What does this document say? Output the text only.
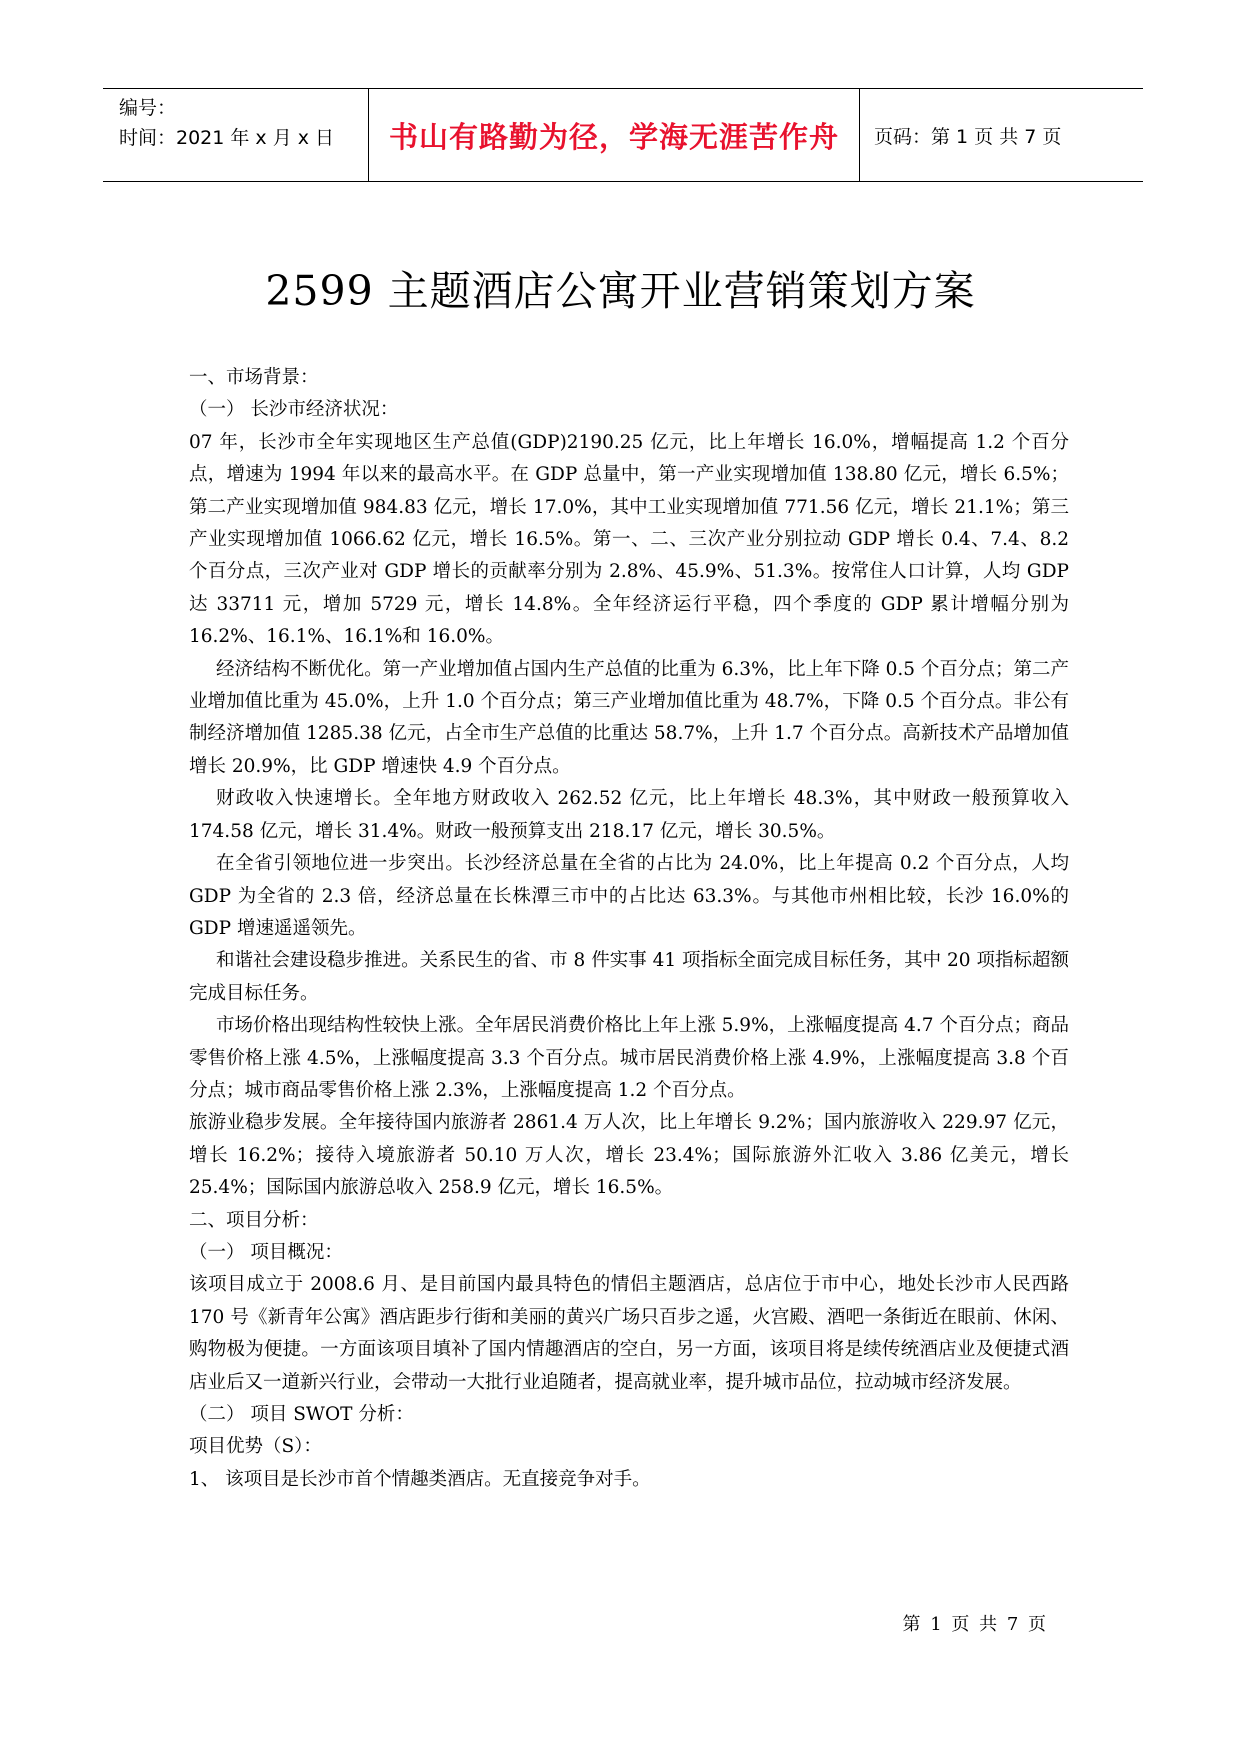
编号：
时间：2021 年 x 月 x 日	书山有路勤为径，学海无涯苦作舟 页码：第 1 页 共 7 页
2599 主题酒店公寓开业营销策划方案

一、市场背景：

（一） 长沙市经济状况：

07 年，长沙市全年实现地区生产总值(GDP)2190.25 亿元，比上年增长 16.0%，增幅提高 1.2 个百分点，增速为 1994 年以来的最高水平。在 GDP 总量中，第一产业实现增加值 138.80 亿元，增长 6.5%；第二产业实现增加值 984.83 亿元，增长 17.0%，其中工业实现增加值 771.56 亿元，增长 21.1%；第三产业实现增加值 1066.62 亿元，增长 16.5%。第一、二、三次产业分别拉动 GDP 增长 0.4、7.4、8.2 个百分点，三次产业对 GDP 增长的贡献率分别为 2.8%、45.9%、51.3%。按常住人口计算，人均 GDP 达 33711 元，增加 5729 元，增长 14.8%。全年经济运行平稳，四个季度的 GDP 累计增幅分别为 16.2%、16.1%、16.1%和 16.0%。

经济结构不断优化。第一产业增加值占国内生产总值的比重为 6.3%，比上年下降 0.5 个百分点；第二产业增加值比重为 45.0%，上升 1.0 个百分点；第三产业增加值比重为 48.7%，下降 0.5 个百分点。非公有制经济增加值 1285.38 亿元，占全市生产总值的比重达 58.7%，上升 1.7 个百分点。高新技术产品增加值增长 20.9%，比 GDP 增速快 4.9 个百分点。

财政收入快速增长。全年地方财政收入 262.52 亿元，比上年增长 48.3%，其中财政一般预算收入 174.58 亿元，增长 31.4%。财政一般预算支出 218.17 亿元，增长 30.5%。

在全省引领地位进一步突出。长沙经济总量在全省的占比为 24.0%，比上年提高 0.2 个百分点，人均 GDP 为全省的 2.3 倍，经济总量在长株潭三市中的占比达 63.3%。与其他市州相比较，长沙 16.0%的 GDP 增速遥遥领先。

和谐社会建设稳步推进。关系民生的省、市 8 件实事 41 项指标全面完成目标任务，其中 20 项指标超额完成目标任务。

市场价格出现结构性较快上涨。全年居民消费价格比上年上涨 5.9%，上涨幅度提高 4.7 个百分点；商品零售价格上涨 4.5%，上涨幅度提高 3.3 个百分点。城市居民消费价格上涨 4.9%，上涨幅度提高 3.8 个百分点；城市商品零售价格上涨 2.3%，上涨幅度提高 1.2 个百分点。

旅游业稳步发展。全年接待国内旅游者 2861.4 万人次，比上年增长 9.2%；国内旅游收入 229.97 亿元，增长 16.2%；接待入境旅游者 50.10 万人次，增长 23.4%；国际旅游外汇收入 3.86 亿美元，增长 25.4%；国际国内旅游总收入 258.9 亿元，增长 16.5%。

二、项目分析：

（一） 项目概况：

该项目成立于 2008.6 月、是目前国内最具特色的情侣主题酒店，总店位于市中心，地处长沙市人民西路 170 号《新青年公寓》酒店距步行街和美丽的黄兴广场只百步之遥，火宫殿、酒吧一条街近在眼前、休闲、购物极为便捷。一方面该项目填补了国内情趣酒店的空白，另一方面，该项目将是续传统酒店业及便捷式酒店业后又一道新兴行业，会带动一大批行业追随者，提高就业率，提升城市品位，拉动城市经济发展。

（二） 项目 SWOT 分析：

项目优势（S）：

1、 该项目是长沙市首个情趣类酒店。无直接竞争对手。

第 1 页 共 7 页
